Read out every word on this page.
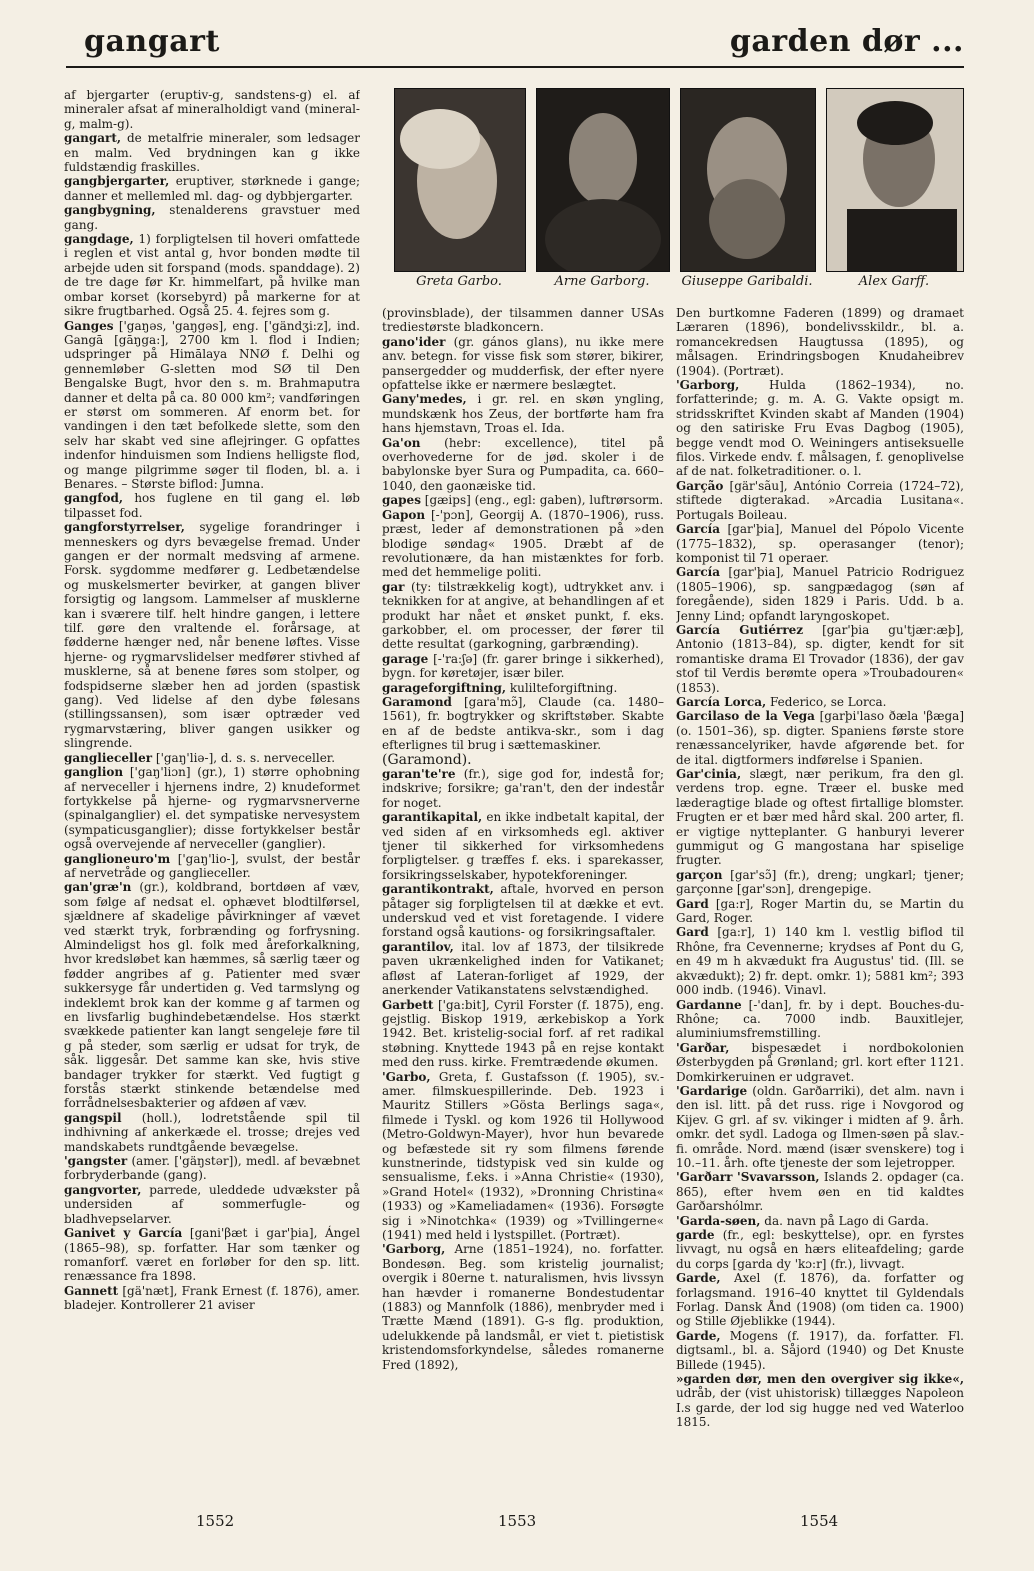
gangart	garden dør ...
Greta Garbo.	Arne Garborg.	Giuseppe Garibaldi.	Alex Garff.

af bjergarter (eruptiv-g, sandstens-g) el. af mineraler afsat af mineralholdigt vand (mineral-g, malm-g).

gangart, de metalfrie mineraler, som ledsager en malm. Ved brydningen kan g ikke fuldstændig fraskilles.

gangbjergarter, eruptiver, størknede i gange; danner et mellemled ml. dag- og dybbjergarter.

gangbygning, stenalderens gravstuer med gang.

gangdage, 1) forpligtelsen til hoveri omfattede i reglen et vist antal g, hvor bonden mødte til arbejde uden sit forspand (mods. spanddage). 2) de tre dage før Kr. himmelfart, på hvilke man ombar korset (korsebyrd) på markerne for at sikre frugtbarhed. Også 25. 4. fejres som g.

Ganges ['gaŋəs, 'gaŋgəs], eng. ['gändʒi:z], ind. Gangā [gāŋga:], 2700 km l. flod i Indien; udspringer på Himālaya NNØ f. Delhi og gennemløber G-sletten mod SØ til Den Bengalske Bugt, hvor den s. m. Brahmaputra danner et delta på ca. 80 000 km²; vandføringen er størst om sommeren. Af enorm bet. for vandingen i den tæt befolkede slette, som den selv har skabt ved sine aflejringer. G opfattes indenfor hinduismen som Indiens helligste flod, og mange pilgrimme søger til floden, bl. a. i Benares. – Største biflod: Jumna.

gangfod, hos fuglene en til gang el. løb tilpasset fod.

gangforstyrrelser, sygelige forandringer i menneskers og dyrs bevægelse fremad. Under gangen er der normalt medsving af armene. Forsk. sygdomme medfører g. Ledbetændelse og muskelsmerter bevirker, at gangen bliver forsigtig og langsom. Lammelser af musklerne kan i sværere tilf. helt hindre gangen, i lettere tilf. gøre den vraltende el. forårsage, at fødderne hænger ned, når benene løftes. Visse hjerne- og rygmarvslidelser medfører stivhed af musklerne, så at benene føres som stolper, og fodspidserne slæber hen ad jorden (spastisk gang). Ved lidelse af den dybe følesans (stillingssansen), som især optræder ved rygmarvstæring, bliver gangen usikker og slingrende.

ganglieceller ['gaŋ'liə-], d. s. s. nerveceller.

ganglion ['gaŋ'liɔn] (gr.), 1) større ophobning af nerveceller i hjernens indre, 2) knudeformet fortykkelse på hjerne- og rygmarvsnerverne (spinalganglier) el. det sympatiske nervesystem (sympaticusganglier); disse fortykkelser består også overvejende af nerveceller (ganglier).

ganglioneuro'm ['gaŋ'lio-], svulst, der består af nervetråde og ganglieceller.

gan'græ'n (gr.), koldbrand, bortdøen af væv, som følge af nedsat el. ophævet blodtilførsel, sjældnere af skadelige påvirkninger af vævet ved stærkt tryk, forbrænding og forfrysning. Almindeligst hos gl. folk med åreforkalkning, hvor kredsløbet kan hæmmes, så særlig tæer og fødder angribes af g. Patienter med svær sukkersyge får undertiden g. Ved tarmslyng og indeklemt brok kan der komme g af tarmen og en livsfarlig bughindebetændelse. Hos stærkt svækkede patienter kan langt sengeleje føre til g på steder, som særlig er udsat for tryk, de såk. liggesår. Det samme kan ske, hvis stive bandager trykker for stærkt. Ved fugtigt g forstås stærkt stinkende betændelse med forrådnelsesbakterier og afdøen af væv.

gangspil (holl.), lodretstående spil til indhivning af ankerkæde el. trosse; drejes ved mandskabets rundtgående bevægelse.

'gangster (amer. ['gäŋstər]), medl. af bevæbnet forbryderbande (gang).

gangvorter, parrede, uleddede udvækster på undersiden af sommerfugle- og bladhvepselarver.

Ganivet y García [gani'βæt i gar'þia], Ángel (1865–98), sp. forfatter. Har som tænker og romanforf. været en forløber for den sp. litt. renæssance fra 1898.

Gannett [gä'næt], Frank Ernest (f. 1876), amer. bladejer. Kontrollerer 21 aviser

(provinsblade), der tilsammen danner USAs trediestørste bladkoncern.

gano'ider (gr. gános glans), nu ikke mere anv. betegn. for visse fisk som stører, bikirer, pansergedder og mudderfisk, der efter nyere opfattelse ikke er nærmere beslægtet.

Gany'medes, i gr. rel. en skøn yngling, mundskænk hos Zeus, der bortførte ham fra hans hjemstavn, Troas el. Ida.

Ga'on (hebr: excellence), titel på overhovederne for de jød. skoler i de babylonske byer Sura og Pumpadita, ca. 660–1040, den gaonæiske tid.

gapes [gæips] (eng., egl: gaben), luftrørsorm.

Gapon [-'pɔn], Georgij A. (1870–1906), russ. præst, leder af demonstrationen på »den blodige søndag« 1905. Dræbt af de revolutionære, da han mistænktes for forb. med det hemmelige politi.

gar (ty: tilstrækkelig kogt), udtrykket anv. i teknikken for at angive, at behandlingen af et produkt har nået et ønsket punkt, f. eks. garkobber, el. om processer, der fører til dette resultat (garkogning, garbrænding).

garage [-'ra:ʃə] (fr. garer bringe i sikkerhed), bygn. for køretøjer, især biler.

garageforgiftning, kulilteforgiftning.

Garamond [gara'mɔ̃], Claude (ca. 1480–1561), fr. bogtrykker og skriftstøber. Skabte en af de bedste antikva-skr., som i dag efterlignes til brug i sættemaskiner.

(Garamond).

garan'te're (fr.), sige god for, indestå for; indskrive; forsikre; ga'ran't, den der indestår for noget.

garantikapital, en ikke indbetalt kapital, der ved siden af en virksomheds egl. aktiver tjener til sikkerhed for virksomhedens forpligtelser. g træffes f. eks. i sparekasser, forsikringsselskaber, hypotekforeninger.

garantikontrakt, aftale, hvorved en person påtager sig forpligtelsen til at dække et evt. underskud ved et vist foretagende. I videre forstand også kautions- og forsikringsaftaler.

garantilov, ital. lov af 1873, der tilsikrede paven ukrænkelighed inden for Vatikanet; afløst af Lateran-forliget af 1929, der anerkender Vatikanstatens selvstændighed.

Garbett ['ga:bit], Cyril Forster (f. 1875), eng. gejstlig. Biskop 1919, ærkebiskop a York 1942. Bet. kristelig-social forf. af ret radikal støbning. Knyttede 1943 på en rejse kontakt med den russ. kirke. Fremtrædende økumen.

'Garbo, Greta, f. Gustafsson (f. 1905), sv.-amer. filmskuespillerinde. Deb. 1923 i Mauritz Stillers »Gösta Berlings saga«, filmede i Tyskl. og kom 1926 til Hollywood (Metro-Goldwyn-Mayer), hvor hun bevarede og befæstede sit ry som filmens førende kunstnerinde, tidstypisk ved sin kulde og sensualisme, f.eks. i »Anna Christie« (1930), »Grand Hotel« (1932), »Dronning Christina« (1933) og »Kameliadamen« (1936). Forsøgte sig i »Ninotchka« (1939) og »Tvillingerne« (1941) med held i lystspillet. (Portræt).

'Garborg, Arne (1851–1924), no. forfatter. Bondesøn. Beg. som kristelig journalist; overgik i 80erne t. naturalismen, hvis livssyn han hævder i romanerne Bondestudentar (1883) og Mannfolk (1886), menbryder med i Trætte Mænd (1891). G-s flg. produktion, udelukkende på landsmål, er viet t. pietistisk kristendomsforkyndelse, således romanerne Fred (1892),

Den burtkomne Faderen (1899) og dramaet Læraren (1896), bondelivsskildr., bl. a. romancekredsen Haugtussa (1895), og målsagen. Erindringsbogen Knudaheibrev (1904). (Portræt).

'Garborg, Hulda (1862–1934), no. forfatterinde; g. m. A. G. Vakte opsigt m. stridsskriftet Kvinden skabt af Manden (1904) og den satiriske Fru Evas Dagbog (1905), begge vendt mod O. Weiningers antiseksuelle filos. Virkede endv. f. målsagen, f. genoplivelse af de nat. folketraditioner. o. l.

Garção [gär'sãu], António Correia (1724–72), stiftede digterakad. »Arcadia Lusitana«. Portugals Boileau.

García [gar'þia], Manuel del Pópolo Vicente (1775–1832), sp. operasanger (tenor); komponist til 71 operaer.

García [gar'þia], Manuel Patricio Rodriguez (1805–1906), sp. sangpædagog (søn af foregående), siden 1829 i Paris. Udd. b a. Jenny Lind; opfandt laryngoskopet.

García Gutiérrez [gar'þia gu'tjær:æþ], Antonio (1813–84), sp. digter, kendt for sit romantiske drama El Trovador (1836), der gav stof til Verdis berømte opera »Troubadouren« (1853).

García Lorca, Federico, se Lorca.

Garcilaso de la Vega [garþi'laso ðæla 'βæga] (o. 1501–36), sp. digter. Spaniens første store renæssancelyriker, havde afgørende bet. for de ital. digtformers indførelse i Spanien.

Gar'cinia, slægt, nær perikum, fra den gl. verdens trop. egne. Træer el. buske med læderagtige blade og oftest firtallige blomster. Frugten er et bær med hård skal. 200 arter, fl. er vigtige nytteplanter. G hanburyi leverer gummigut og G mangostana har spiselige frugter.

garçon [gar'sɔ̃] (fr.), dreng; ungkarl; tjener; garçonne [gar'sɔn], drengepige.

Gard [ga:r], Roger Martin du, se Martin du Gard, Roger.

Gard [ga:r], 1) 140 km l. vestlig biflod til Rhône, fra Cevennerne; krydses af Pont du G, en 49 m h akvædukt fra Augustus' tid. (Ill. se akvædukt); 2) fr. dept. omkr. 1); 5881 km²; 393 000 indb. (1946). Vinavl.

Gardanne [-'dan], fr. by i dept. Bouches-du-Rhône; ca. 7000 indb. Bauxitlejer, aluminiumsfremstilling.

'Garðar, bispesædet i nordbokolonien Østerbygden på Grønland; grl. kort efter 1121. Domkirkeruinen er udgravet.

'Gardarige (oldn. Garðarriki), det alm. navn i den isl. litt. på det russ. rige i Novgorod og Kijev. G grl. af sv. vikinger i midten af 9. årh. omkr. det sydl. Ladoga og Ilmen-søen på slav.-fi. område. Nord. mænd (især svenskere) tog i 10.–11. årh. ofte tjeneste der som lejetropper.

'Garðarr 'Svavarsson, Islands 2. opdager (ca. 865), efter hvem øen en tid kaldtes Garðarshólmr.

'Garda-søen, da. navn på Lago di Garda.

garde (fr., egl: beskyttelse), opr. en fyrstes livvagt, nu også en hærs eliteafdeling; garde du corps [garda dy 'kɔ:r] (fr.), livvagt.

Garde, Axel (f. 1876), da. forfatter og forlagsmand. 1916–40 knyttet til Gyldendals Forlag. Dansk Ånd (1908) (om tiden ca. 1900) og Stille Øjeblikke (1944).

Garde, Mogens (f. 1917), da. forfatter. Fl. digtsaml., bl. a. Såjord (1940) og Det Knuste Billede (1945).

»garden dør, men den overgiver sig ikke«, udråb, der (vist uhistorisk) tillægges Napoleon I.s garde, der lod sig hugge ned ved Waterloo 1815.

1552	1553	1554
